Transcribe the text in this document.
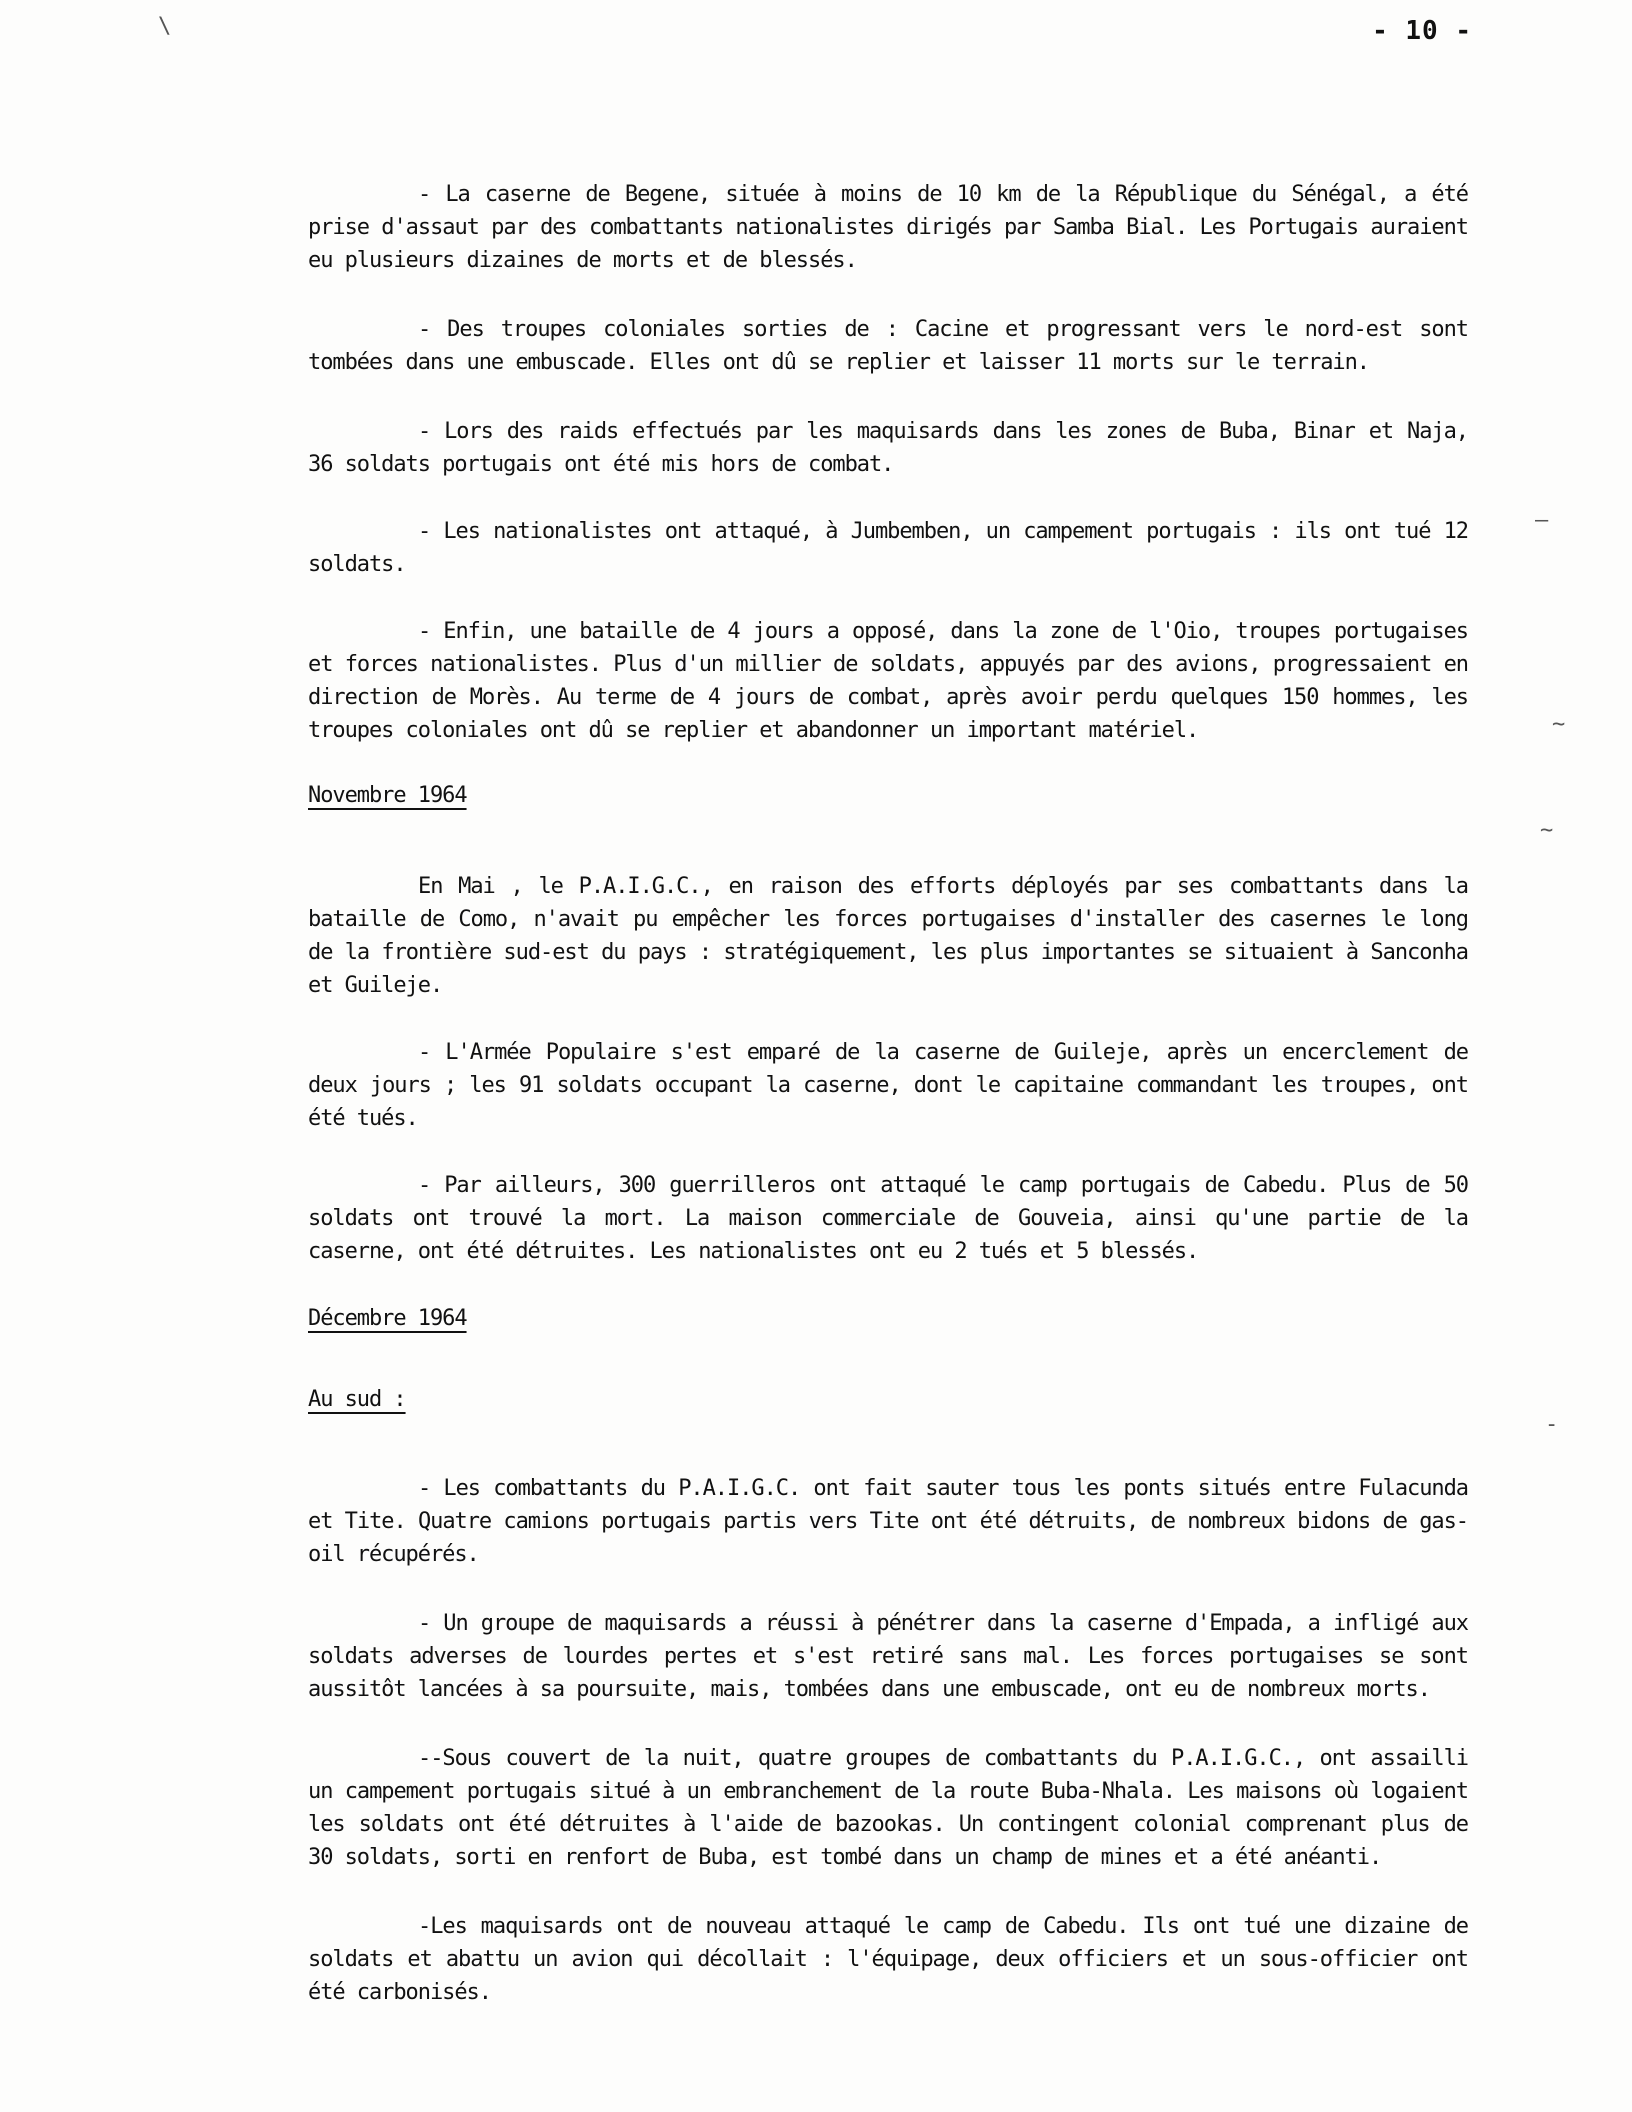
- 10 -
\
—
~
~
-

- La caserne de Begene, située à moins de 10 km de la République du Sénégal, a été prise d'assaut par des combattants nationalistes dirigés par Samba Bial. Les Portugais auraient eu plusieurs dizaines de morts et de blessés.

- Des troupes coloniales sorties de : Cacine et progressant vers le nord-est sont tombées dans une embuscade. Elles ont dû se replier et laisser 11 morts sur le terrain.

- Lors des raids effectués par les maquisards dans les zones de Buba, Binar et Naja, 36 soldats portugais ont été mis hors de combat.

- Les nationalistes ont attaqué, à Jumbemben, un campement portugais : ils ont tué 12 soldats.

- Enfin, une bataille de 4 jours a opposé, dans la zone de l'Oio, troupes portugaises et forces nationalistes. Plus d'un millier de soldats, appuyés par des avions, progressaient en direction de Morès. Au terme de 4 jours de combat, après avoir perdu quelques 150 hommes, les troupes coloniales ont dû se replier et abandonner un important matériel.

Novembre 1964

En Mai , le P.A.I.G.C., en raison des efforts déployés par ses combattants dans la bataille de Como, n'avait pu empêcher les forces portugaises d'installer des casernes le long de la frontière sud-est du pays : stratégiquement, les plus importantes se situaient à Sanconha et Guileje.

- L'Armée Populaire s'est emparé de la caserne de Guileje, après un encerclement de deux jours ; les 91 soldats occupant la caserne, dont le capitaine commandant les troupes, ont été tués.

- Par ailleurs, 300 guerrilleros ont attaqué le camp portugais de Cabedu. Plus de 50 soldats ont trouvé la mort. La maison commerciale de Gouveia, ainsi qu'une partie de la caserne, ont été détruites. Les nationalistes ont eu 2 tués et 5 blessés.

Décembre 1964
Au sud :

- Les combattants du P.A.I.G.C. ont fait sauter tous les ponts situés entre Fulacunda et Tite. Quatre camions portugais partis vers Tite ont été détruits, de nombreux bidons de gas-oil récupérés.

- Un groupe de maquisards a réussi à pénétrer dans la caserne d'Empada, a infligé aux soldats adverses de lourdes pertes et s'est retiré sans mal. Les forces portugaises se sont aussitôt lancées à sa poursuite, mais, tombées dans une embuscade, ont eu de nombreux morts.

--Sous couvert de la nuit, quatre groupes de combattants du P.A.I.G.C., ont assailli un campement portugais situé à un embranchement de la route Buba-Nhala. Les maisons où logaient les soldats ont été détruites à l'aide de bazookas. Un contingent colonial comprenant plus de 30 soldats, sorti en renfort de Buba, est tombé dans un champ de mines et a été anéanti.

-Les maquisards ont de nouveau attaqué le camp de Cabedu. Ils ont tué une dizaine de soldats et abattu un avion qui décollait : l'équipage, deux officiers et un sous-officier ont été carbonisés.
